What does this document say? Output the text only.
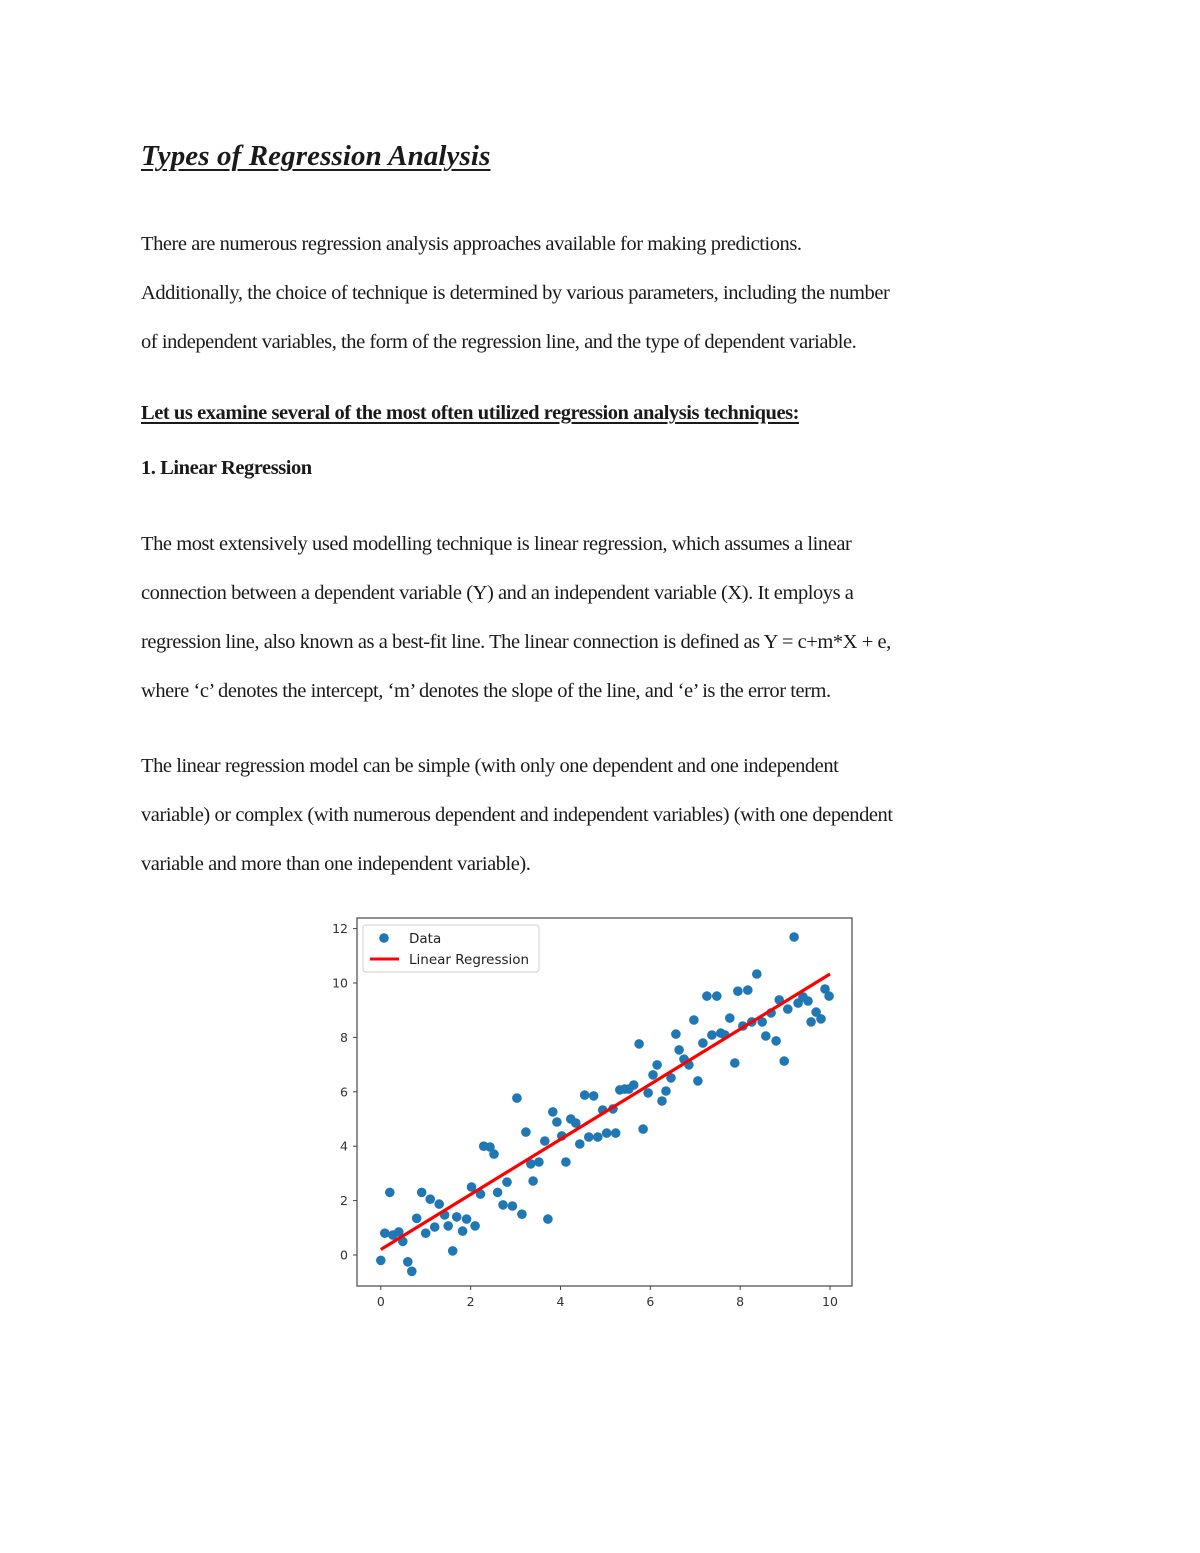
Types of Regression Analysis

There are numerous regression analysis approaches available for making predictions.
Additionally, the choice of technique is determined by various parameters, including the number
of independent variables, the form of the regression line, and the type of dependent variable.

Let us examine several of the most often utilized regression analysis techniques:

1. Linear Regression

The most extensively used modelling technique is linear regression, which assumes a linear
connection between a dependent variable (Y) and an independent variable (X). It employs a
regression line, also known as a best-fit line. The linear connection is defined as Y = c+m*X + e,
where ‘c’ denotes the intercept, ‘m’ denotes the slope of the line, and ‘e’ is the error term.

The linear regression model can be simple (with only one dependent and one independent
variable) or complex (with numerous dependent and independent variables) (with one dependent
variable and more than one independent variable).

0	2	4	6	8	10
0
2
4
6
8
10
12
Data
Linear Regression
